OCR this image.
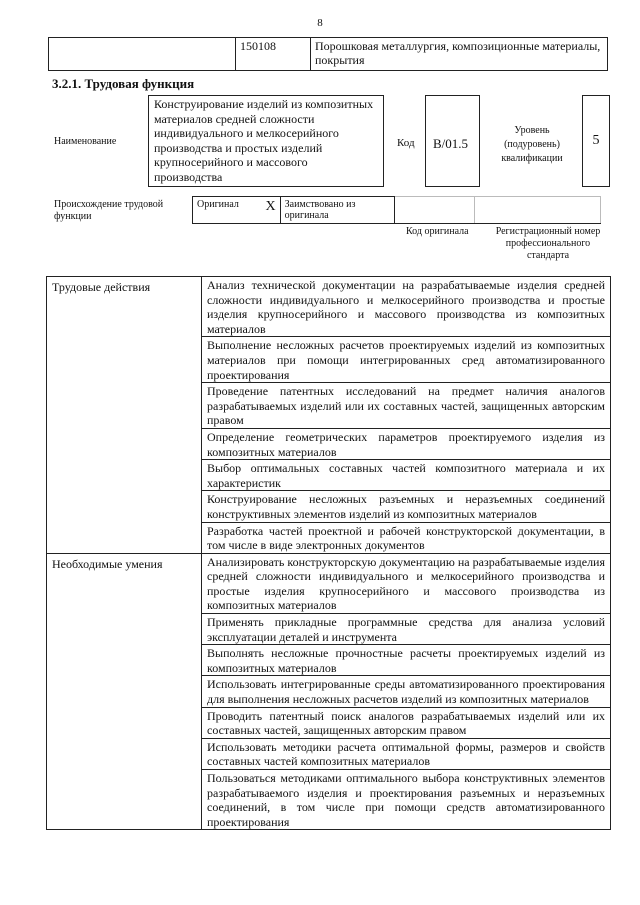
8
	150108	Порошковая металлургия, композиционные материалы, покрытия
3.2.1. Трудовая функция
Наименование
Конструирование изделий из композитных материалов средней сложности индивидуального и мелкосерийного производства и простых изделий крупносерийного и массового производства
Код В/01.5
Уровень (подуровень) квалификации
5
Происхождение трудовой функции
Оригинал	X	Заимствовано из оригинала		
Код оригинала	Регистрационный номер профессионального стандарта
Трудовые действия	Анализ технической документации на разрабатываемые изделия средней сложности индивидуального и мелкосерийного производства и простые изделия крупносерийного и массового производства из композитных материалов
	Выполнение несложных расчетов проектируемых изделий из композитных материалов при помощи интегрированных сред автоматизированного проектирования
	Проведение патентных исследований на предмет наличия аналогов разрабатываемых изделий или их составных частей, защищенных авторским правом
	Определение геометрических параметров проектируемого изделия из композитных материалов
	Выбор оптимальных составных частей композитного материала и их характеристик
	Конструирование несложных разъемных и неразъемных соединений конструктивных элементов изделий из композитных материалов
	Разработка частей проектной и рабочей конструкторской документации, в том числе в виде электронных документов
Необходимые умения	Анализировать конструкторскую документацию на разрабатываемые изделия средней сложности индивидуального и мелкосерийного производства и простые изделия крупносерийного и массового производства из композитных материалов
	Применять прикладные программные средства для анализа условий эксплуатации деталей и инструмента
	Выполнять несложные прочностные расчеты проектируемых изделий из композитных материалов
	Использовать интегрированные среды автоматизированного проектирования для выполнения несложных расчетов изделий из композитных материалов
	Проводить патентный поиск аналогов разрабатываемых изделий или их составных частей, защищенных авторским правом
	Использовать методики расчета оптимальной формы, размеров и свойств составных частей композитных материалов
	Пользоваться методиками оптимального выбора конструктивных элементов разрабатываемого изделия и проектирования разъемных и неразъемных соединений, в том числе при помощи средств автоматизированного проектирования
